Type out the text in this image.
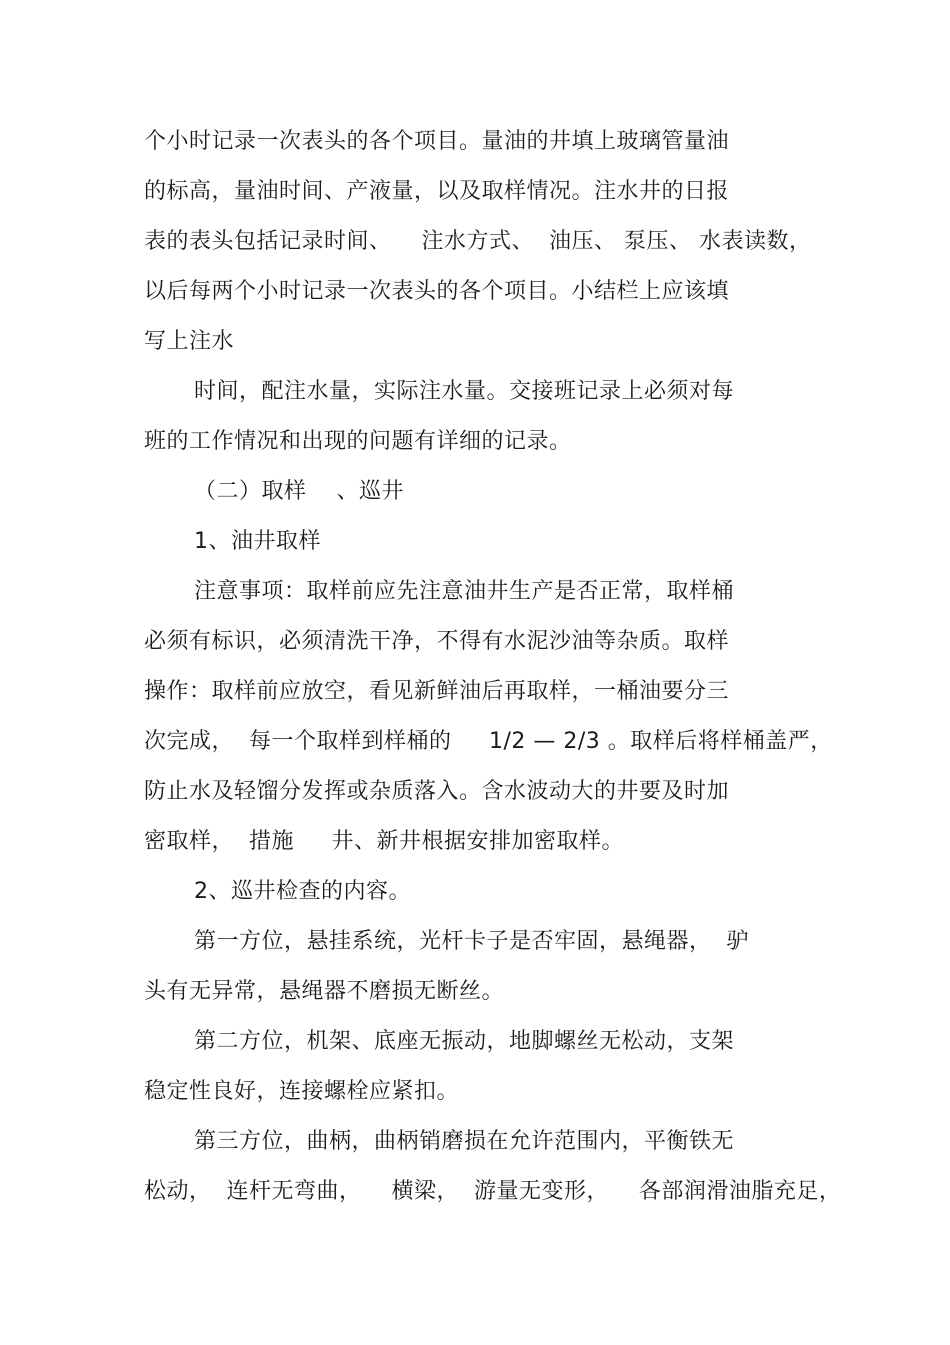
个小时记录一次表头的各个项目。量油的井填上玻璃管量油
的标高，量油时间、产液量，以及取样情况。注水井的日报
表的表头包括记录时间、    注水方式、  油压、 泵压、 水表读数，
以后每两个小时记录一次表头的各个项目。小结栏上应该填
写上注水
时间，配注水量，实际注水量。交接班记录上必须对每
班的工作情况和出现的问题有详细的记录。
（二）取样    、巡井
1、油井取样
注意事项：取样前应先注意油井生产是否正常，取样桶
必须有标识，必须清洗干净，不得有水泥沙油等杂质。取样
操作：取样前应放空，看见新鲜油后再取样，一桶油要分三
次完成，  每一个取样到样桶的     1/2 — 2/3 。取样后将样桶盖严，
防止水及轻馏分发挥或杂质落入。含水波动大的井要及时加
密取样，  措施     井、新井根据安排加密取样。
2、巡井检查的内容。
第一方位，悬挂系统，光杆卡子是否牢固，悬绳器，  驴
头有无异常，悬绳器不磨损无断丝。
第二方位，机架、底座无振动，地脚螺丝无松动，支架
稳定性良好，连接螺栓应紧扣。
第三方位，曲柄，曲柄销磨损在允许范围内，平衡铁无
松动，  连杆无弯曲，    横梁，  游量无变形，    各部润滑油脂充足，
